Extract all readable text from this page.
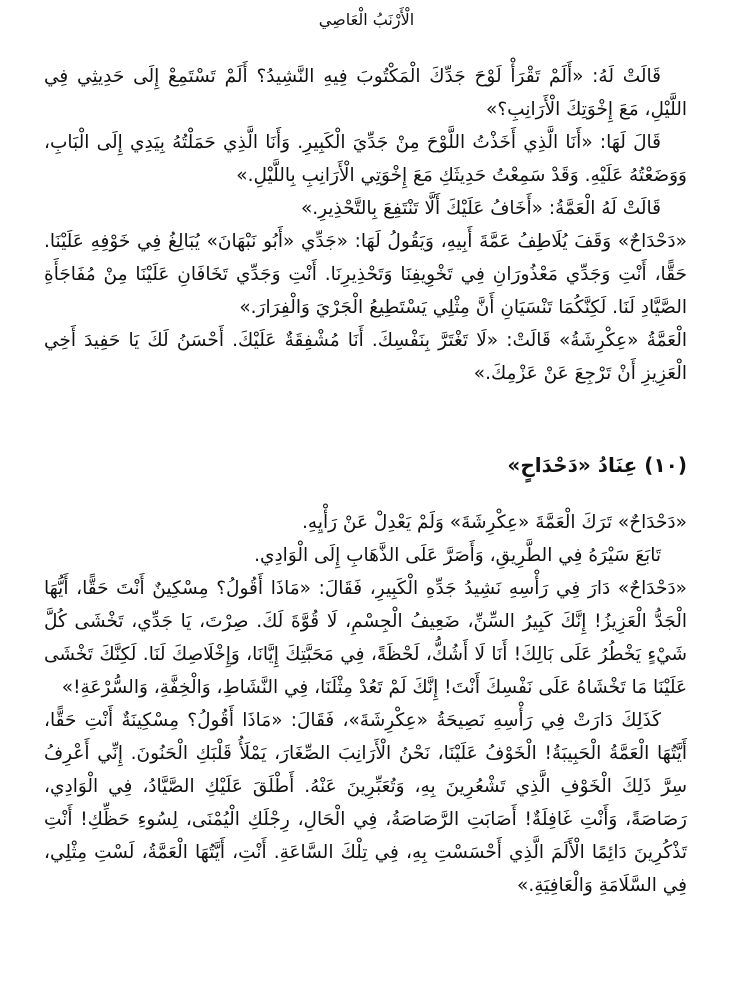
الْأَرْنَبُ الْعَاصِي

قَالَتْ لَهُ: «أَلَمْ تَقْرَأْ لَوْحَ جَدِّكَ الْمَكْتُوبَ فِيهِ النَّشِيدُ؟ أَلَمْ تَسْتَمِعْ إِلَى حَدِيثِي فِي اللَّيْلِ، مَعَ إِخْوَتِكَ الْأَرَانِبِ؟»

قَالَ لَهَا: «أَنَا الَّذِي أَخَذْتُ اللَّوْحَ مِنْ جَدِّيَ الْكَبِيرِ. وَأَنَا الَّذِي حَمَلْتُهُ بِيَدِي إِلَى الْبَابِ، وَوَضَعْتُهُ عَلَيْهِ. وَقَدْ سَمِعْتُ حَدِيثَكِ مَعَ إِخْوَتِي الْأَرَانِبِ بِاللَّيْلِ.»

قَالَتْ لَهُ الْعَمَّةُ: «أَخَافُ عَلَيْكَ أَلَّا تَنْتَفِعَ بِالتَّحْذِيرِ.»

«دَحْدَاحٌ» وَقَفَ يُلَاطِفُ عَمَّةَ أَبِيهِ، وَيَقُولُ لَهَا: «جَدِّي «أَبُو نَبْهَانَ» يُبَالِغُ فِي خَوْفِهِ عَلَيْنَا. حَقًّا، أَنْتِ وَجَدِّي مَعْذُورَانِ فِي تَخْوِيفِنَا وَتَحْذِيرِنَا. أَنْتِ وَجَدِّي تَخَافَانِ عَلَيْنَا مِنْ مُفَاجَأَةِ الصَّيَّادِ لَنَا. لَكِنَّكُمَا تَنْسَيَانِ أَنَّ مِثْلِي يَسْتَطِيعُ الْجَرْيَ وَالْفِرَارَ.»

الْعَمَّةُ «عِكْرِشَةُ» قَالَتْ: «لَا تَغْتَرَّ بِنَفْسِكَ. أَنَا مُشْفِقَةٌ عَلَيْكَ. أَحْسَنُ لَكَ يَا حَفِيدَ أَخِي الْعَزِيزِ أَنْ تَرْجِعَ عَنْ عَزْمِكَ.»

(١٠) عِنَادُ «دَحْدَاحٍ»

«دَحْدَاحٌ» تَرَكَ الْعَمَّةَ «عِكْرِشَةَ» وَلَمْ يَعْدِلْ عَنْ رَأْيِهِ.

تَابَعَ سَيْرَهُ فِي الطَّرِيقِ، وَأَصَرَّ عَلَى الذَّهَابِ إِلَى الْوَادِي.

«دَحْدَاحٌ» دَارَ فِي رَأْسِهِ نَشِيدُ جَدِّهِ الْكَبِيرِ، فَقَالَ: «مَاذَا أَقُولُ؟ مِسْكِينٌ أَنْتَ حَقًّا، أَيُّهَا الْجَدُّ الْعَزِيزُ! إِنَّكَ كَبِيرُ السِّنِّ، ضَعِيفُ الْجِسْمِ، لَا قُوَّةَ لَكَ. صِرْتَ، يَا جَدِّي، تَخْشَى كُلَّ شَيْءٍ يَخْطُرُ عَلَى بَالِكَ! أَنَا لَا أَشُكُّ، لَحْظَةً، فِي مَحَبَّتِكَ إِيَّانَا، وَإِخْلَاصِكَ لَنَا. لَكِنَّكَ تَخْشَى عَلَيْنَا مَا تَخْشَاهُ عَلَى نَفْسِكَ أَنْتَ! إِنَّكَ لَمْ تَعُدْ مِثْلَنَا، فِي النَّشَاطِ، وَالْخِفَّةِ، وَالسُّرْعَةِ!»

كَذَلِكَ دَارَتْ فِي رَأْسِهِ نَصِيحَةُ «عِكْرِشَةَ»، فَقَالَ: «مَاذَا أَقُولُ؟ مِسْكِينَةٌ أَنْتِ حَقًّا، أَيَّتُهَا الْعَمَّةُ الْحَبِيبَةُ! الْخَوْفُ عَلَيْنَا، نَحْنُ الْأَرَانِبَ الصِّغَارَ، يَمْلَأُ قَلْبَكِ الْحَنُونَ. إِنِّي أَعْرِفُ سِرَّ ذَلِكَ الْخَوْفِ الَّذِي تَشْعُرِينَ بِهِ، وَتُعَبِّرِينَ عَنْهُ. أَطْلَقَ عَلَيْكِ الصَّيَّادُ، فِي الْوَادِي، رَصَاصَةً، وَأَنْتِ غَافِلَةٌ! أَصَابَتِ الرَّصَاصَةُ، فِي الْحَالِ، رِجْلَكِ الْيُمْنَى، لِسُوءِ حَظِّكِ! أَنْتِ تَذْكُرِينَ دَائِمًا الْأَلَمَ الَّذِي أَحْسَسْتِ بِهِ، فِي تِلْكَ السَّاعَةِ. أَنْتِ، أَيَّتُهَا الْعَمَّةُ، لَسْتِ مِثْلِي، فِي السَّلَامَةِ وَالْعَافِيَةِ.»
